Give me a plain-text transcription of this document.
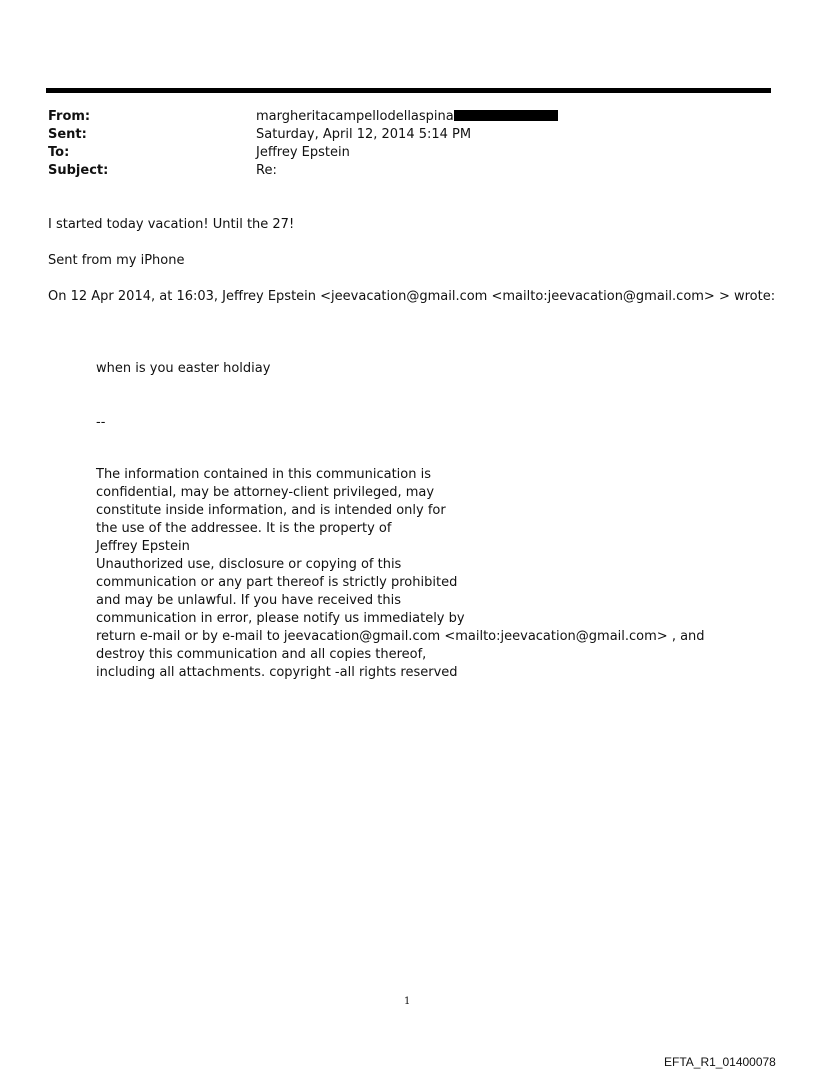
From:	margheritacampellodellaspina
Sent:	Saturday, April 12, 2014 5:14 PM
To:	Jeffrey Epstein
Subject:	Re:
I started today vacation! Until the 27!
Sent from my iPhone
On 12 Apr 2014, at 16:03, Jeffrey Epstein <jeevacation@gmail.com <mailto:jeevacation@gmail.com> > wrote:
when is you easter holdiay
--
The information contained in this communication is
confidential, may be attorney-client privileged, may
constitute inside information, and is intended only for
the use of the addressee. It is the property of
Jeffrey Epstein
Unauthorized use, disclosure or copying of this
communication or any part thereof is strictly prohibited
and may be unlawful. If you have received this
communication in error, please notify us immediately by
return e-mail or by e-mail to jeevacation@gmail.com <mailto:jeevacation@gmail.com> , and
destroy this communication and all copies thereof,
including all attachments. copyright -all rights reserved
1
EFTA_R1_01400078
